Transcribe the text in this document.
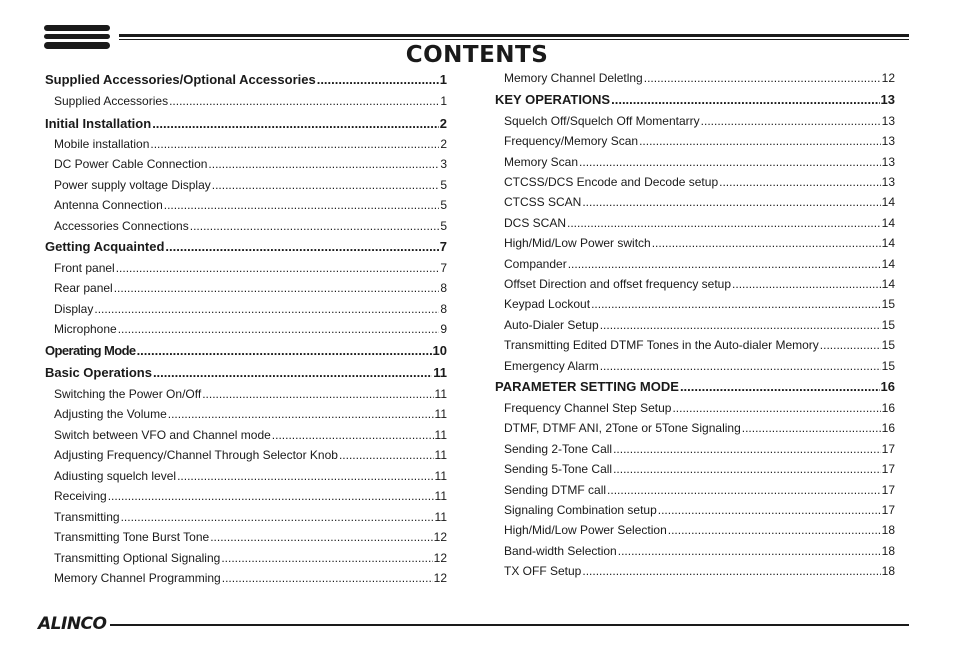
CONTENTS
Supplied Accessories/Optional Accessories .....	1
Supplied Accessories .....	1
Initial Installation .....	2
Mobile installation .....	2
DC Power Cable Connection .....	3
Power supply voltage Display .....	5
Antenna Connection .....	5
Accessories Connections .....	5
Getting Acquainted .....	7
Front panel .....	7
Rear panel .....	8
Display .....	8
Microphone .....	9
Operating Mode .....	10
Basic Operations .....	11
Switching the Power On/Off .....	11
Adjusting the Volume .....	11
Switch between VFO and Channel mode .....	11
Adjusting Frequency/Channel Through Selector Knob .....	11
Adiusting squelch level .....	11
Receiving .....	11
Transmitting .....	11
Transmitting Tone Burst Tone .....	12
Transmitting Optional Signaling .....	12
Memory Channel Programming .....	12
Memory Channel Deletlng .....	12
KEY OPERATIONS .....	13
Squelch Off/Squelch Off Momentarry .....	13
Frequency/Memory Scan .....	13
Memory Scan .....	13
CTCSS/DCS Encode and Decode setup .....	13
CTCSS SCAN .....	14
DCS SCAN .....	14
High/Mid/Low Power switch .....	14
Compander .....	14
Offset Direction and offset frequency setup .....	14
Keypad Lockout .....	15
Auto-Dialer Setup .....	15
Transmitting Edited DTMF Tones in the Auto-dialer Memory .....	15
Emergency Alarm .....	15
PARAMETER SETTING MODE .....	16
Frequency Channel Step Setup .....	16
DTMF, DTMF ANI, 2Tone or 5Tone Signaling .....	16
Sending 2-Tone Call .....	17
Sending 5-Tone Call .....	17
Sending DTMF call .....	17
Signaling Combination setup .....	17
High/Mid/Low Power Selection .....	18
Band-width Selection .....	18
TX OFF Setup .....	18
ALINCO
